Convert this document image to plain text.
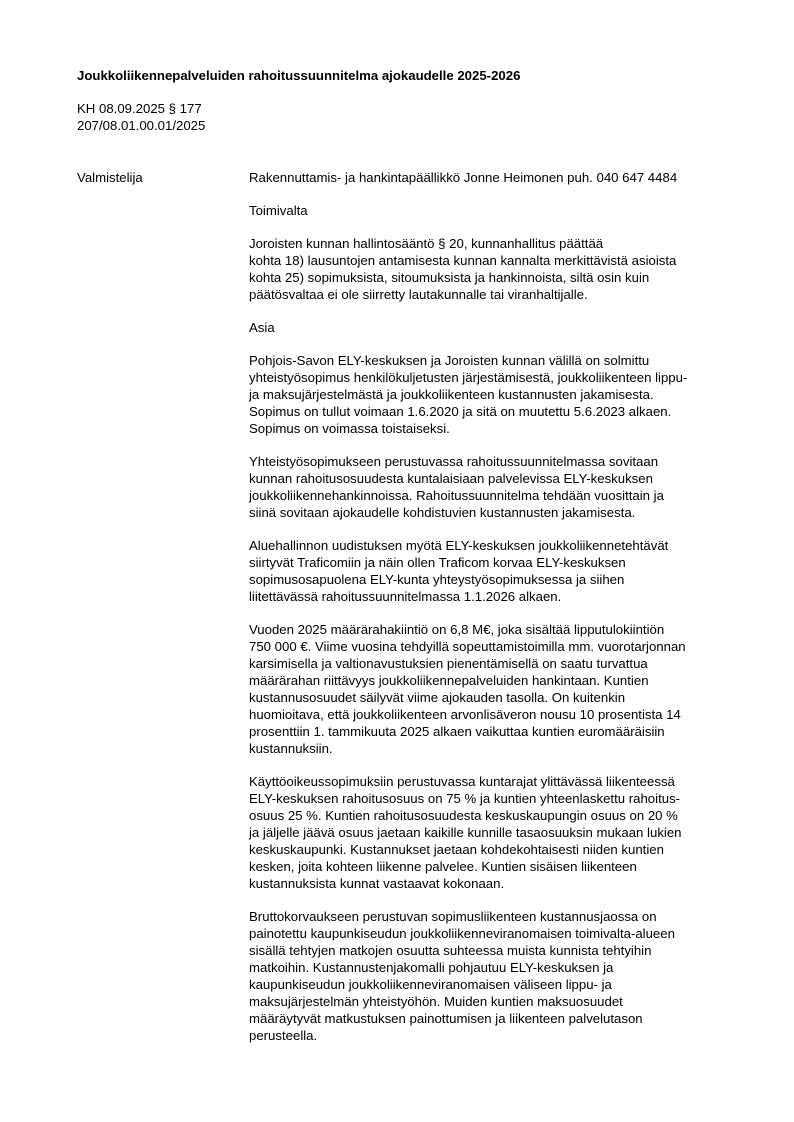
Joukkoliikennepalveluiden rahoitussuunnitelma ajokaudelle 2025-2026
KH 08.09.2025 § 177
207/08.01.00.01/2025
Valmistelija	Rakennuttamis- ja hankintapäällikkö Jonne Heimonen puh. 040 647 4484
Toimivalta
Joroisten kunnan hallintosääntö § 20, kunnanhallitus päättää
kohta 18) lausuntojen antamisesta kunnan kannalta merkittävistä asioista
kohta 25) sopimuksista, sitoumuksista ja hankinnoista, siltä osin kuin
päätösvaltaa ei ole siirretty lautakunnalle tai viranhaltijalle.
Asia
Pohjois-Savon ELY-keskuksen ja Joroisten kunnan välillä on solmittu
yhteistyösopimus henkilökuljetusten järjestämisestä, joukkoliikenteen lippu-
ja maksujärjestelmästä ja joukkoliikenteen kustannusten jakamisesta.
Sopimus on tullut voimaan 1.6.2020 ja sitä on muutettu 5.6.2023 alkaen.
Sopimus on voimassa toistaiseksi.
Yhteistyösopimukseen perustuvassa rahoitussuunnitelmassa sovitaan
kunnan rahoitusosuudesta kuntalaisiaan palvelevissa ELY-keskuksen
joukkoliikennehankinnoissa. Rahoitussuunnitelma tehdään vuosittain ja
siinä sovitaan ajokaudelle kohdistuvien kustannusten jakamisesta.
Aluehallinnon uudistuksen myötä ELY-keskuksen joukkoliikennetehtävät
siirtyvät Traficomiin ja näin ollen Traficom korvaa ELY-keskuksen
sopimusosapuolena ELY-kunta yhteystyösopimuksessa ja siihen
liitettävässä rahoitussuunnitelmassa 1.1.2026 alkaen.
Vuoden 2025 määrärahakiintiö on 6,8 M€, joka sisältää lipputulokiintiön
750 000 €. Viime vuosina tehdyillä sopeuttamistoimilla mm. vuorotarjonnan
karsimisella ja valtionavustuksien pienentämisellä on saatu turvattua
määrärahan riittävyys joukkoliikennepalveluiden hankintaan. Kuntien
kustannusosuudet säilyvät viime ajokauden tasolla. On kuitenkin
huomioitava, että joukkoliikenteen arvonlisäveron nousu 10 prosentista 14
prosenttiin 1. tammikuuta 2025 alkaen vaikuttaa kuntien euromääräisiin
kustannuksiin.
Käyttöoikeussopimuksiin perustuvassa kuntarajat ylittävässä liikenteessä
ELY-keskuksen rahoitusosuus on 75 % ja kuntien yhteenlaskettu rahoitus-
osuus 25 %. Kuntien rahoitusosuudesta keskuskaupungin osuus on 20 %
ja jäljelle jäävä osuus jaetaan kaikille kunnille tasaosuuksin mukaan lukien
keskuskaupunki. Kustannukset jaetaan kohdekohtaisesti niiden kuntien
kesken, joita kohteen liikenne palvelee. Kuntien sisäisen liikenteen
kustannuksista kunnat vastaavat kokonaan.
Bruttokorvaukseen perustuvan sopimusliikenteen kustannusjaossa on
painotettu kaupunkiseudun joukkoliikenneviranomaisen toimivalta-alueen
sisällä tehtyjen matkojen osuutta suhteessa muista kunnista tehtyihin
matkoihin. Kustannustenjakomalli pohjautuu ELY-keskuksen ja
kaupunkiseudun joukkoliikenneviranomaisen väliseen lippu- ja
maksujärjestelmän yhteistyöhön. Muiden kuntien maksuosuudet
määräytyvät matkustuksen painottumisen ja liikenteen palvelutason
perusteella.
